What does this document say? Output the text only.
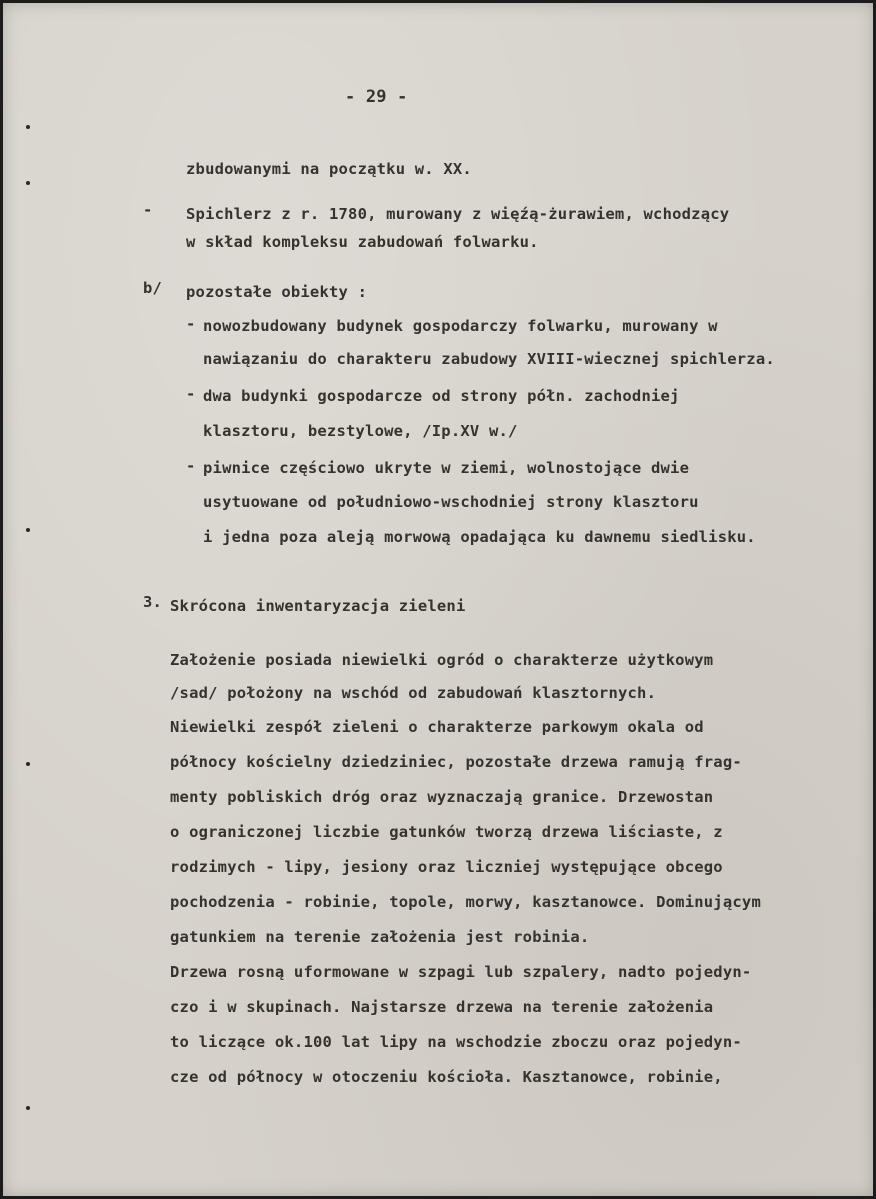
- 29 -
zbudowanymi na początku w. XX.
- Spichlerz z r. 1780, murowany z więźą-żurawiem, wchodzący
w skład kompleksu zabudowań folwarku.
b/ pozostałe obiekty :
- nowozbudowany budynek gospodarczy folwarku, murowany w
nawiązaniu do charakteru zabudowy XVIII-wiecznej spichlerza.
- dwa budynki gospodarcze od strony półn. zachodniej
klasztoru, bezstylowe, /Ip.XV w./
- piwnice częściowo ukryte w ziemi, wolnostojące dwie
usytuowane od południowo-wschodniej strony klasztoru
i jedna poza aleją morwową opadająca ku dawnemu siedlisku.
3. Skrócona inwentaryzacja zieleni
Założenie posiada niewielki ogród o charakterze użytkowym
/sad/ położony na wschód od zabudowań klasztornych.
Niewielki zespół zieleni o charakterze parkowym okala od
północy kościelny dziedziniec, pozostałe drzewa ramują frag-
menty pobliskich dróg oraz wyznaczają granice. Drzewostan
o ograniczonej liczbie gatunków tworzą drzewa liściaste, z
rodzimych - lipy, jesiony oraz liczniej występujące obcego
pochodzenia - robinie, topole, morwy, kasztanowce. Dominującym
gatunkiem na terenie założenia jest robinia.
Drzewa rosną uformowane w szpagi lub szpalery, nadto pojedyn-
czo i w skupinach. Najstarsze drzewa na terenie założenia
to liczące ok.100 lat lipy na wschodzie zboczu oraz pojedyn-
cze od północy w otoczeniu kościoła. Kasztanowce, robinie,
